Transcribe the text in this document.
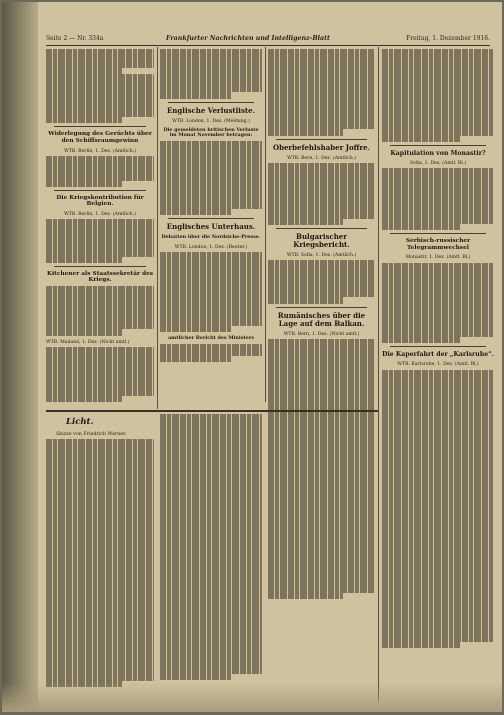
Seite 2 — Nr. 334a	Frankfurter Nachrichten und Intelligenz-Blatt	Freitag, 1. Dezember 1916.
Widerlegung des Gerüchts über den Schiffsraumgewinn
WTB. Berlin, 1. Dez. (Amtlich.)
Die Kriegskontribution für Belgien.
WTB. Berlin, 1. Dez. (Amtlich.)
Kitchener als Staatssekretär des Kriegs.
WTB. Mailand, 1. Dez. (Nicht amtl.)
Englische Verlustliste.
WTB. London, 1. Dez. (Meldung.)
Die gemeldeten britischen Verluste im Monat November betragen:
Englisches Unterhaus.
Debatten über die Nordsiche-Presse.
WTB. London, 1. Dez. (Reuter.)
amtlicher Bericht des Ministers
Oberbefehlshaber Joffre.
WTB. Bern, 1. Dez. (Amtlich.)
Bulgarischer Kriegsbericht.
WTB. Sofia, 1. Dez. (Amtlich.)
Rumänisches über die Lage auf dem Balkan.
WTB. Bern, 1. Dez. (Nicht amtl.)
Kapitulation von Monastir?
Sofia, 1. Dez. (Amtl. Bl.)
Serbisch-russischer Telegrammwechsel
Monastir, 1. Dez. (Amtl. Bl.)
Die Kaperfahrt der „Karlsruhe“.
WTB. Karlsruhe, 1. Dez. (Amtl. Bl.)
Licht.
Skizze von Friedrich Werner.
